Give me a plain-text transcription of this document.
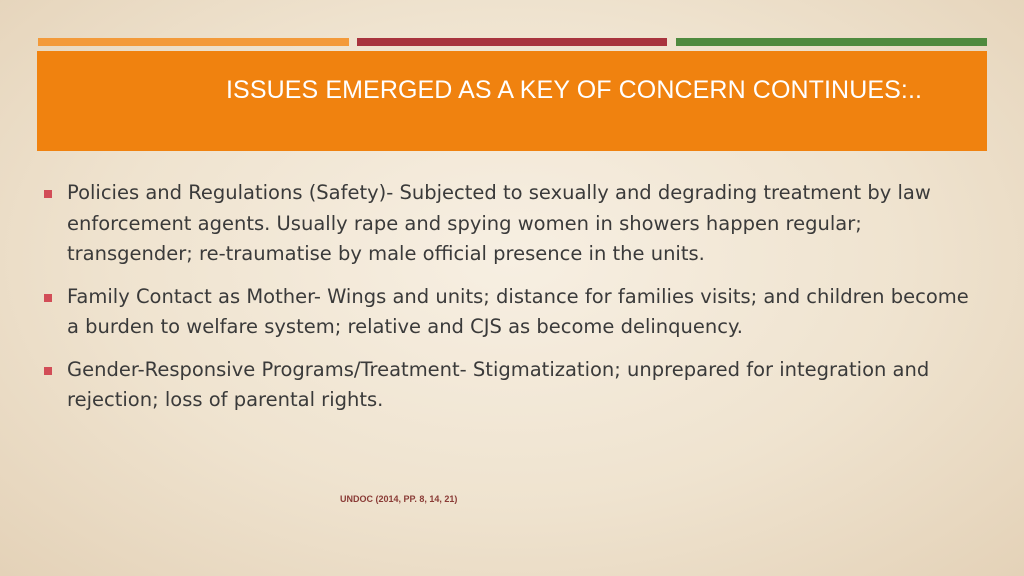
ISSUES EMERGED AS A KEY OF CONCERN CONTINUES:..
Policies and Regulations (Safety)- Subjected to sexually and degrading treatment by law enforcement agents. Usually rape and spying women in showers happen regular; transgender; re-traumatise by male official presence in the units.
Family Contact as Mother- Wings and units; distance for families visits; and children become a burden to welfare system; relative and CJS as become delinquency.
Gender-Responsive Programs/Treatment- Stigmatization; unprepared for integration and rejection; loss of parental rights.
UNDOC (2014, PP. 8, 14, 21)
